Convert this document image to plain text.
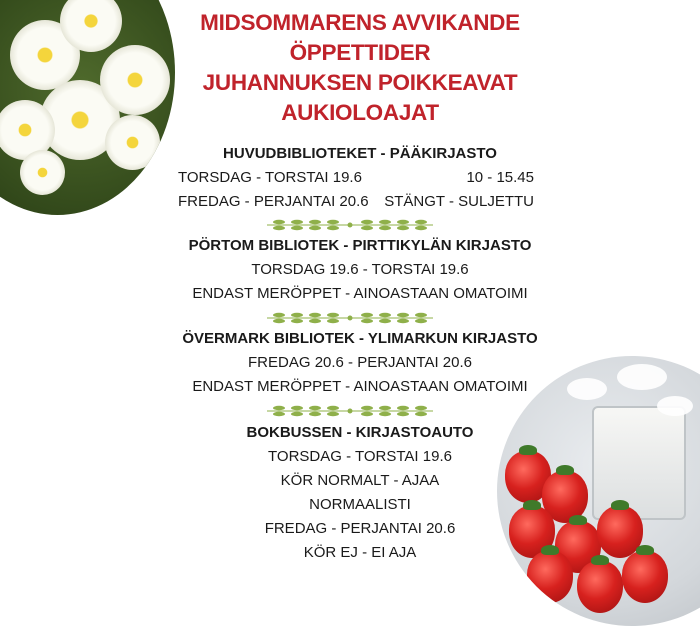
MIDSOMMARENS AVVIKANDE
ÖPPETTIDER
JUHANNUKSEN POIKKEAVAT
AUKIOLOAJAT
HUVUDBIBLIOTEKET - PÄÄKIRJASTO
TORSDAG - TORSTAI 19.6	10 - 15.45
FREDAG - PERJANTAI 20.6 STÄNGT - SULJETTU
PÖRTOM BIBLIOTEK - PIRTTIKYLÄN KIRJASTO
TORSDAG 19.6 - TORSTAI 19.6
ENDAST MERÖPPET - AINOASTAAN OMATOIMI
ÖVERMARK BIBLIOTEK - YLIMARKUN KIRJASTO
FREDAG 20.6 - PERJANTAI 20.6
ENDAST MERÖPPET - AINOASTAAN OMATOIMI
BOKBUSSEN - KIRJASTOAUTO
TORSDAG - TORSTAI 19.6
KÖR NORMALT - AJAA
NORMAALISTI
FREDAG - PERJANTAI 20.6
KÖR EJ - EI AJA
